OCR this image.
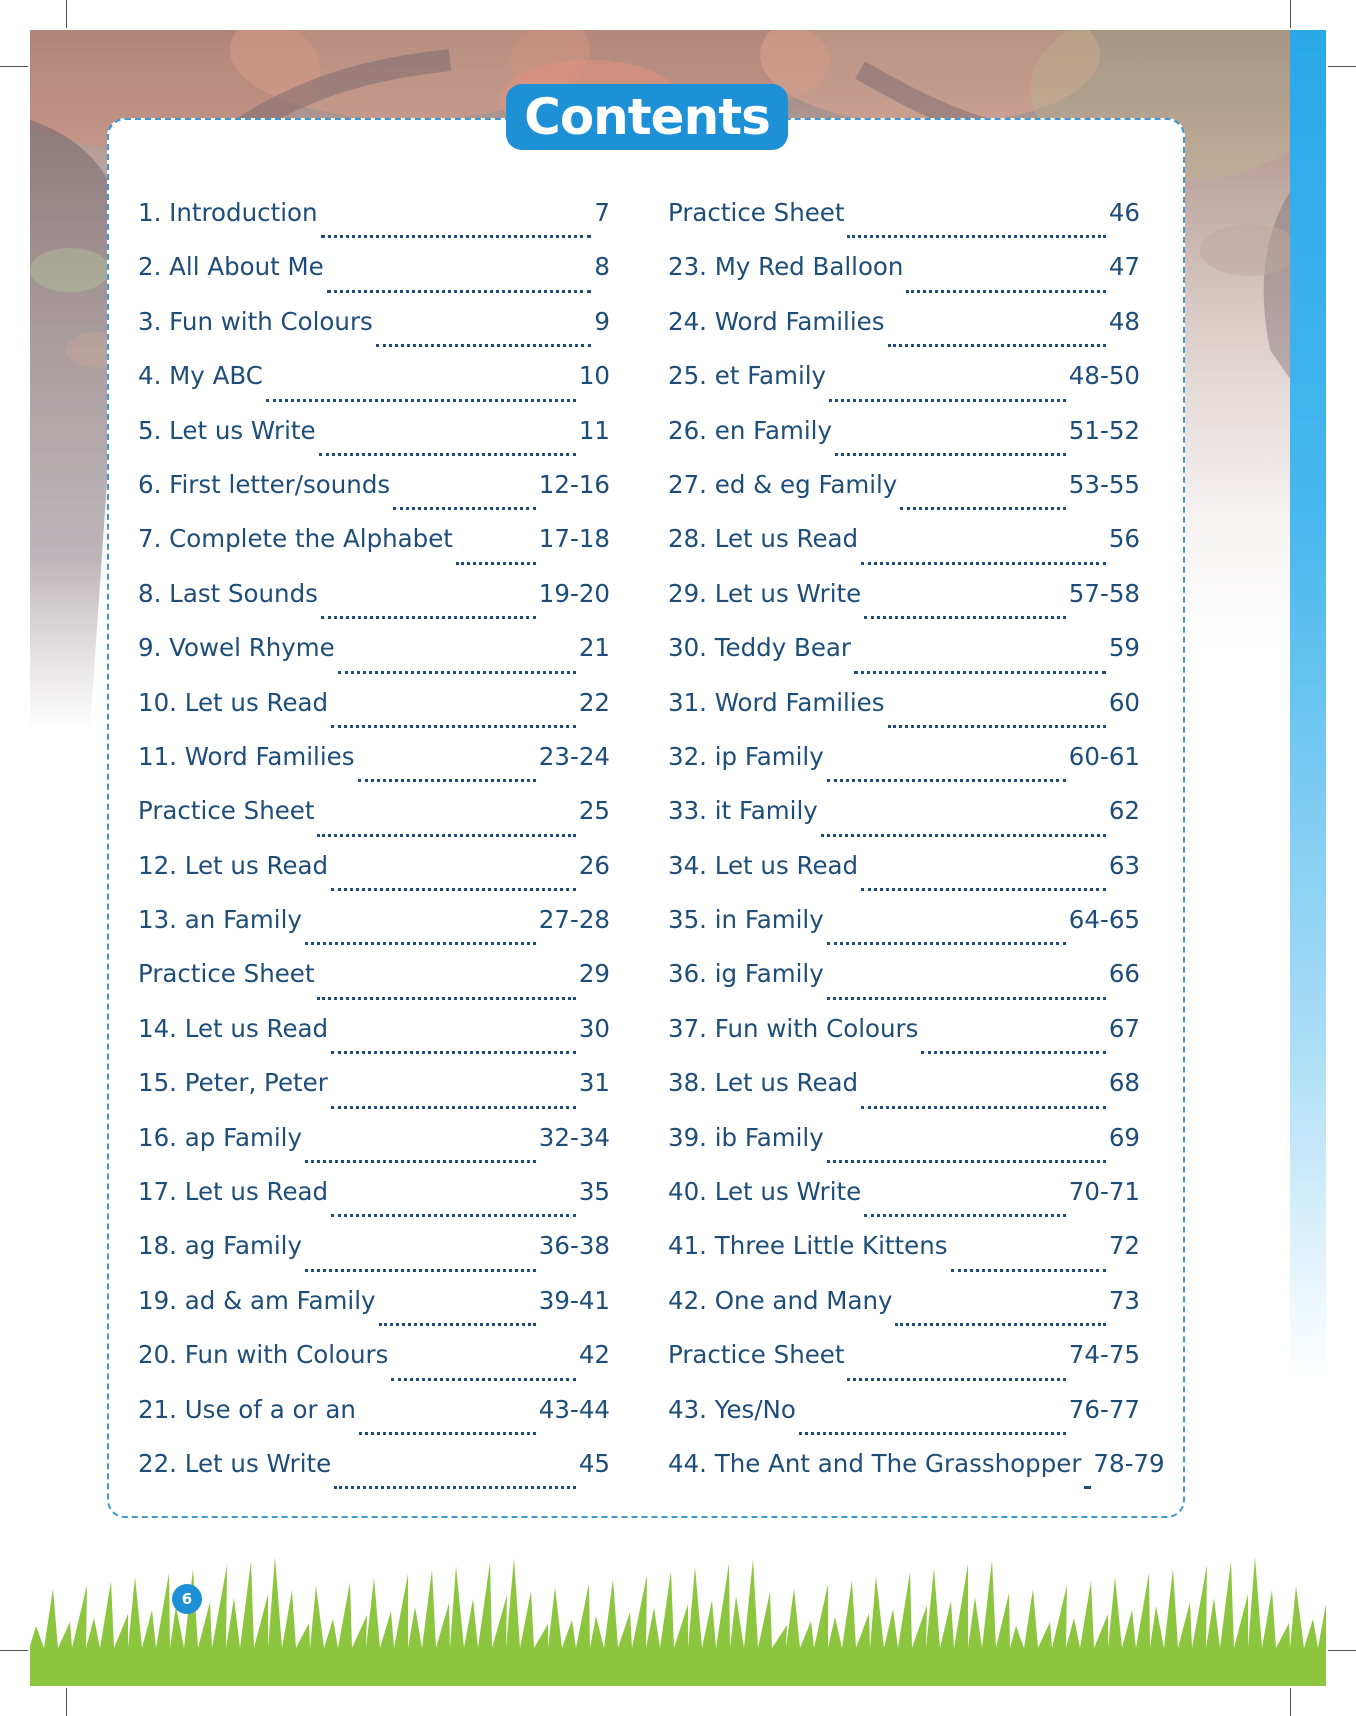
Contents
1. Introduction	7
2. All About Me	8
3. Fun with Colours	9
4. My ABC	10
5. Let us Write	11
6. First letter/sounds	12-16
7. Complete the Alphabet	17-18
8. Last Sounds	19-20
9. Vowel Rhyme	21
10. Let us Read	22
11. Word Families	23-24
Practice Sheet	25
12. Let us Read	26
13. an Family	27-28
Practice Sheet	29
14. Let us Read	30
15. Peter, Peter	31
16. ap Family	32-34
17. Let us Read	35
18. ag Family	36-38
19. ad & am Family	39-41
20. Fun with Colours	42
21. Use of a or an	43-44
22. Let us Write	45
Practice Sheet	46
23. My Red Balloon	47
24. Word Families	48
25. et Family	48-50
26. en Family	51-52
27. ed & eg Family	53-55
28. Let us Read	56
29. Let us Write	57-58
30. Teddy Bear	59
31. Word Families	60
32. ip Family	60-61
33. it Family	62
34. Let us Read	63
35. in Family	64-65
36. ig Family	66
37. Fun with Colours	67
38. Let us Read	68
39. ib Family	69
40. Let us Write	70-71
41. Three Little Kittens	72
42. One and Many	73
Practice Sheet	74-75
43. Yes/No	76-77
44. The Ant and The Grasshopper 78-79
6
